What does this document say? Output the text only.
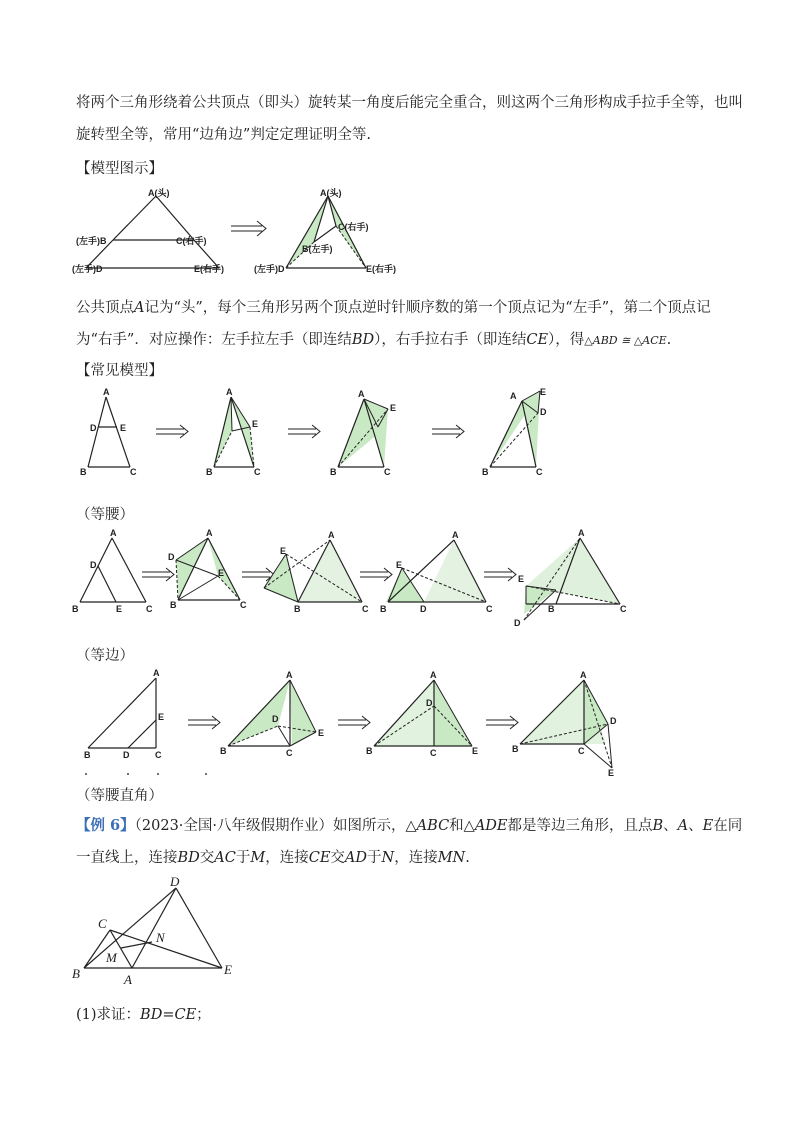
将两个三角形绕着公共顶点（即头）旋转某一角度后能完全重合，则这两个三角形构成手拉手全等，也叫
旋转型全等，常用“边角边”判定定理证明全等.
【模型图示】
A(头)
(左手)B	C(右手)
(左手)D	E(右手)
A(头)
C(右手)
B(左手)
(左手)D	E(右手)
公共顶点A记为“头”，每个三角形另两个顶点逆时针顺序数的第一个顶点记为“左手”，第二个顶点记
为“右手”．对应操作：左手拉左手（即连结BD），右手拉右手（即连结CE），得△ABD ≅ △ACE.
【常见模型】
A
D	E
B	C
A
E
B	C
A
E
B	C
A	E
D
B	C
（等腰）
A
D
B	E	C
A
D
E
B	C
A
E
B	C
A
E
B	D	C
A
E
B
D
C
（等边）
A
E
B	D	C
A
D
E
B	C
A
D
B	C	E
A
D
B	C
E
（等腰直角）
【例 6】（2023·全国·八年级假期作业）如图所示，△ABC和△ADE都是等边三角形，且点B、A、E在同
一直线上，连接BD交AC于M，连接CE交AD于N，连接MN.
D
C
N
M
B	A
E
(1)求证：BD=CE；
